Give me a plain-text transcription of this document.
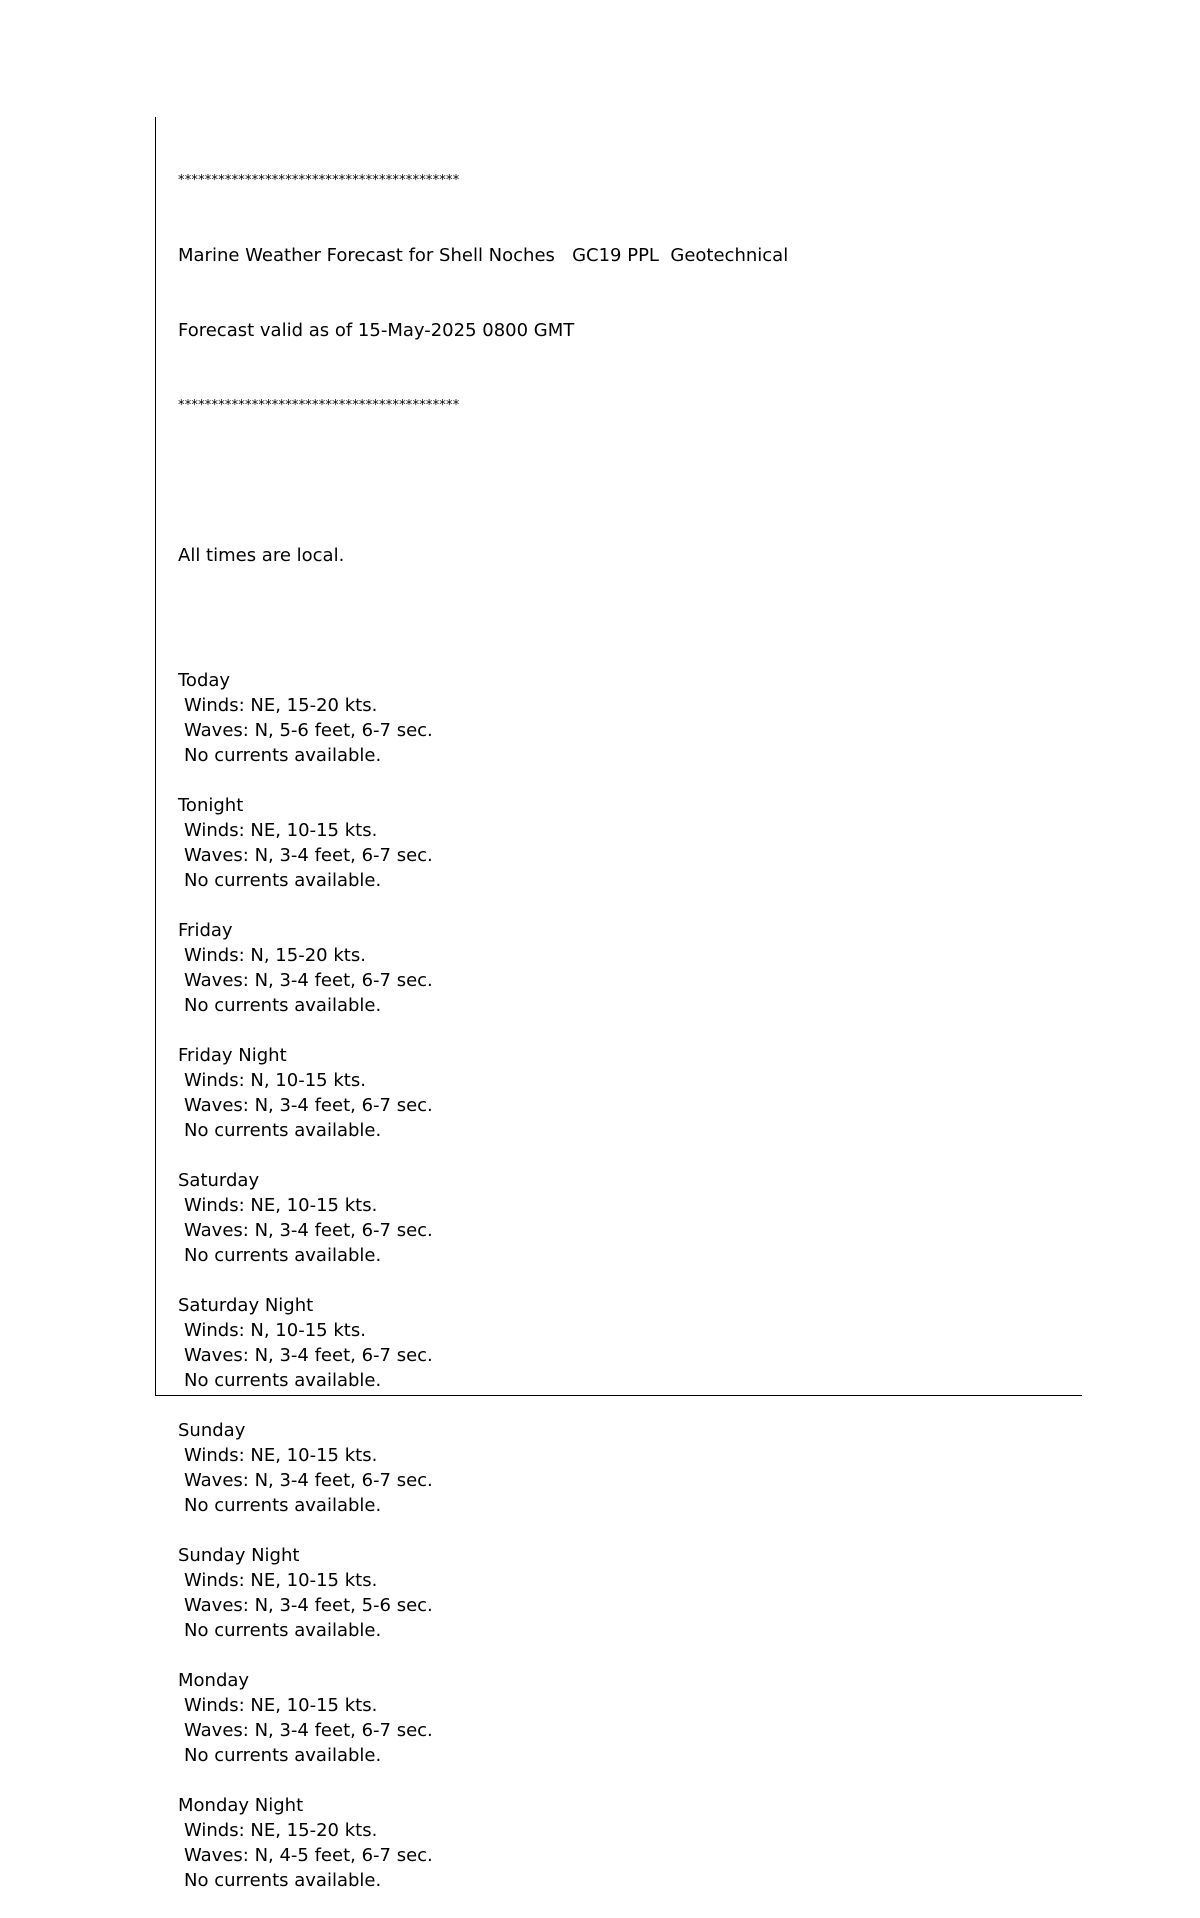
******************************************

Marine Weather Forecast for Shell Noches   GC19 PPL  Geotechnical

Forecast valid as of 15-May-2025 0800 GMT

******************************************

All times are local.

Today
Winds: NE, 15-20 kts.
Waves: N, 5-6 feet, 6-7 sec.
No currents available.
Tonight
Winds: NE, 10-15 kts.
Waves: N, 3-4 feet, 6-7 sec.
No currents available.
Friday
Winds: N, 15-20 kts.
Waves: N, 3-4 feet, 6-7 sec.
No currents available.
Friday Night
Winds: N, 10-15 kts.
Waves: N, 3-4 feet, 6-7 sec.
No currents available.
Saturday
Winds: NE, 10-15 kts.
Waves: N, 3-4 feet, 6-7 sec.
No currents available.
Saturday Night
Winds: N, 10-15 kts.
Waves: N, 3-4 feet, 6-7 sec.
No currents available.
Sunday
Winds: NE, 10-15 kts.
Waves: N, 3-4 feet, 6-7 sec.
No currents available.
Sunday Night
Winds: NE, 10-15 kts.
Waves: N, 3-4 feet, 5-6 sec.
No currents available.
Monday
Winds: NE, 10-15 kts.
Waves: N, 3-4 feet, 6-7 sec.
No currents available.
Monday Night
Winds: NE, 15-20 kts.
Waves: N, 4-5 feet, 6-7 sec.
No currents available.
